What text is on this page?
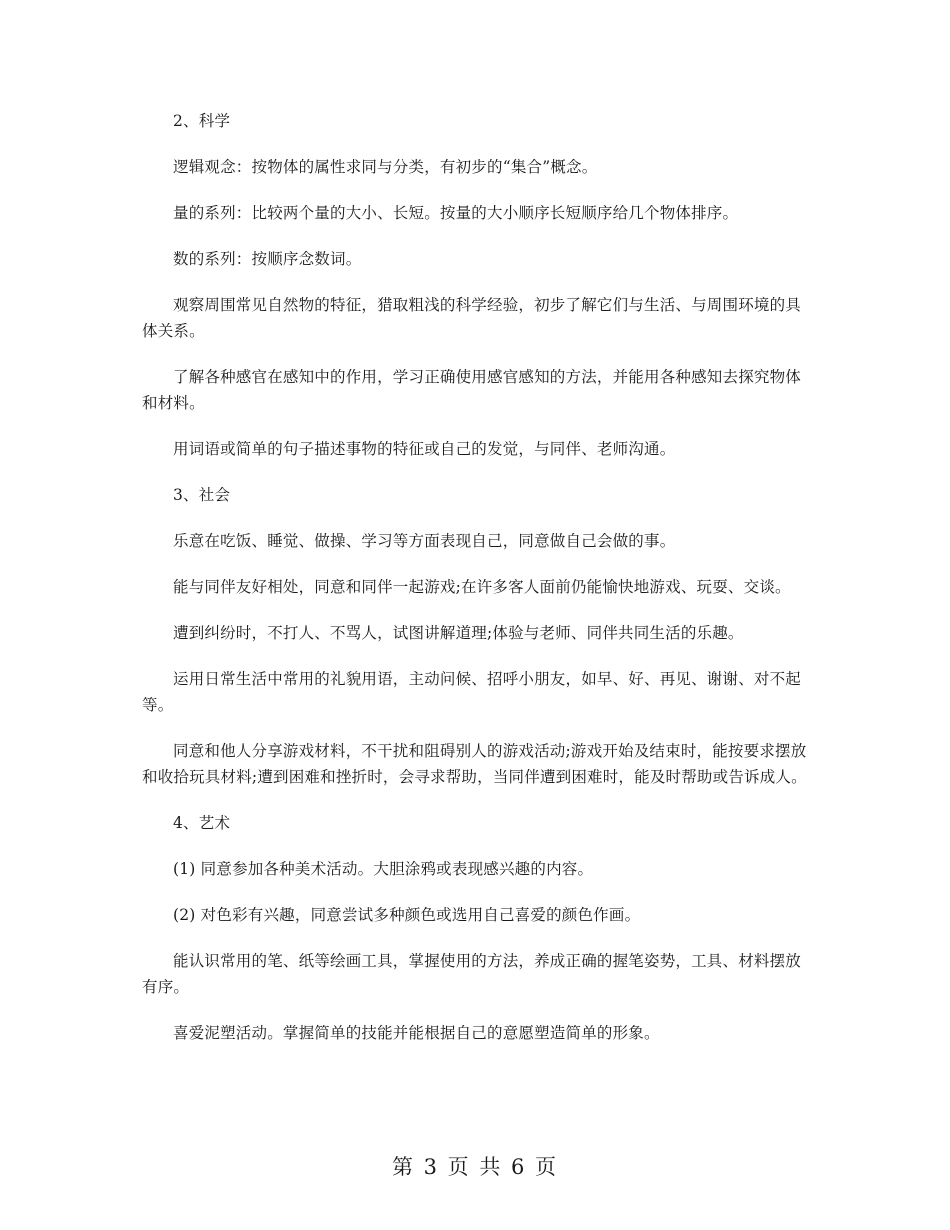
2、科学

逻辑观念：按物体的属性求同与分类，有初步的“集合”概念。

量的系列：比较两个量的大小、长短。按量的大小顺序长短顺序给几个物体排序。

数的系列：按顺序念数词。

观察周围常见自然物的特征，猎取粗浅的科学经验，初步了解它们与生活、与周围环境的具体关系。

了解各种感官在感知中的作用，学习正确使用感官感知的方法，并能用各种感知去探究物体和材料。

用词语或简单的句子描述事物的特征或自己的发觉，与同伴、老师沟通。

3、社会

乐意在吃饭、睡觉、做操、学习等方面表现自己，同意做自己会做的事。

能与同伴友好相处，同意和同伴一起游戏;在许多客人面前仍能愉快地游戏、玩耍、交谈。

遭到纠纷时，不打人、不骂人，试图讲解道理;体验与老师、同伴共同生活的乐趣。

运用日常生活中常用的礼貌用语，主动问候、招呼小朋友，如早、好、再见、谢谢、对不起等。

同意和他人分享游戏材料，不干扰和阻碍别人的游戏活动;游戏开始及结束时，能按要求摆放和收拾玩具材料;遭到困难和挫折时，会寻求帮助，当同伴遭到困难时，能及时帮助或告诉成人。

4、艺术

(1) 同意参加各种美术活动。大胆涂鸦或表现感兴趣的内容。

(2) 对色彩有兴趣，同意尝试多种颜色或选用自己喜爱的颜色作画。

能认识常用的笔、纸等绘画工具，掌握使用的方法，养成正确的握笔姿势，工具、材料摆放有序。

喜爱泥塑活动。掌握简单的技能并能根据自己的意愿塑造简单的形象。

第 3 页 共 6 页
